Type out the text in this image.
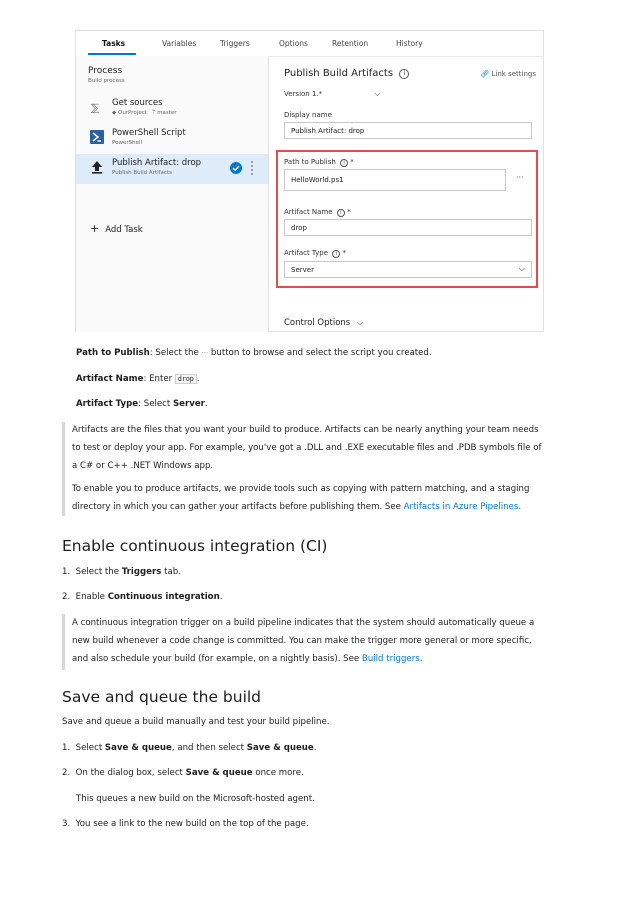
Tasks	Variables	Triggers	Options	Retention	History
Process
Build process
⅀ Get sources
◆ OurProject ᛘ master
PowerShell Script
PowerShell
Publish Artifact: drop
Publish Build Artifacts
+ Add Task
Publish Build Artifacts i	🔗︎ Link settings
Version 1.*	⌵
Display name
Publish Artifact: drop
Path to Publish i *
HelloWorld.ps1	···
Artifact Name i *
drop
Artifact Type i *
Server	⌵
Control Options ⌵
Path to Publish: Select the ··· button to browse and select the script you created.
Artifact Name: Enter drop .
Artifact Type: Select Server.
Artifacts are the files that you want your build to produce. Artifacts can be nearly anything your team needs
to test or deploy your app. For example, you've got a .DLL and .EXE executable files and .PDB symbols file of
a C# or C++ .NET Windows app.
To enable you to produce artifacts, we provide tools such as copying with pattern matching, and a staging
directory in which you can gather your artifacts before publishing them. See Artifacts in Azure Pipelines.
Enable continuous integration (CI)
1. Select the Triggers tab.
2. Enable Continuous integration.
A continuous integration trigger on a build pipeline indicates that the system should automatically queue a
new build whenever a code change is committed. You can make the trigger more general or more specific,
and also schedule your build (for example, on a nightly basis). See Build triggers.
Save and queue the build
Save and queue a build manually and test your build pipeline.
1. Select Save & queue, and then select Save & queue.
2. On the dialog box, select Save & queue once more.
This queues a new build on the Microsoft-hosted agent.
3. You see a link to the new build on the top of the page.
